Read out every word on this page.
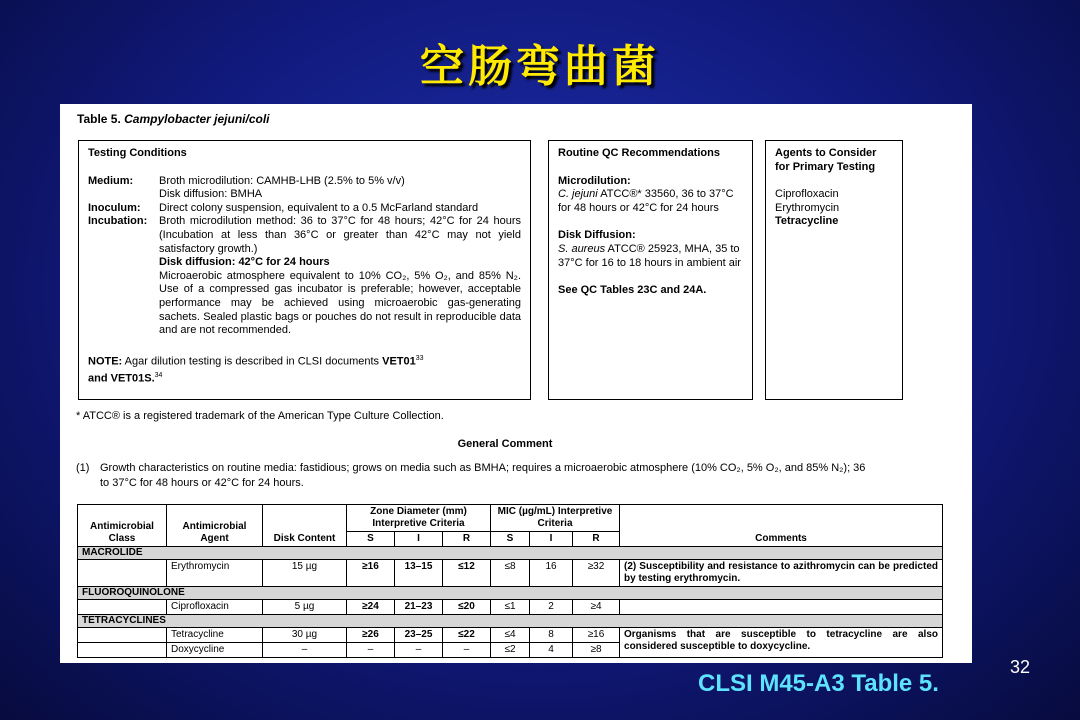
空肠弯曲菌
Table 5. Campylobacter jejuni/coli
Testing Conditions
Medium:	Broth microdilution: CAMHB-LHB (2.5% to 5% v/v)
Disk diffusion: BMHA
Inoculum:	Direct colony suspension, equivalent to a 0.5 McFarland standard
Incubation:	Broth microdilution method: 36 to 37°C for 48 hours; 42°C for 24 hours (Incubation at less than 36°C or greater than 42°C may not yield satisfactory growth.)
Disk diffusion: 42°C for 24 hours
Microaerobic atmosphere equivalent to 10% CO₂, 5% O₂, and 85% N₂. Use of a compressed gas incubator is preferable; however, acceptable performance may be achieved using microaerobic gas-generating sachets. Sealed plastic bags or pouches do not result in reproducible data and are not recommended.
NOTE: Agar dilution testing is described in CLSI documents $VET01^{33}$
and VET01S.$^{34}$
Routine QC Recommendations
Microdilution:
C. jejuni ATCC®* 33560, 36 to 37°C for 48 hours or 42°C for 24 hours
Disk Diffusion:
S. aureus ATCC® 25923, MHA, 35 to 37°C for 16 to 18 hours in ambient air
See QC Tables 23C and 24A.
Agents to Consider for Primary Testing
Ciprofloxacin
Erythromycin
Tetracycline
* ATCC® is a registered trademark of the American Type Culture Collection.
General Comment
(1) Growth characteristics on routine media: fastidious; grows on media such as BMHA; requires a microaerobic atmosphere (10% CO₂, 5% O₂, and 85% N₂); 36
to 37°C for 48 hours or 42°C for 24 hours.
Antimicrobial Class	Antimicrobial Agent	Disk Content	Zone Diameter (mm) Interpretive Criteria			MIC (µg/mL) Interpretive Criteria			Comments
			S	I	R	S	I	R	
MACROLIDE									
	Erythromycin	15 µg	≥16	13–15	≤12	≤8	16	≥32	(2) Susceptibility and resistance to azithromycin can be predicted by testing erythromycin.
FLUOROQUINOLONE									
	Ciprofloxacin	5 µg	≥24	21–23	≤20	≤1	2	≥4	
TETRACYCLINES									
	Tetracycline	30 µg	≥26	23–25	≤22	≤4	8	≥16	Organisms that are susceptible to tetracycline are also considered susceptible to doxycycline.
	Doxycycline	–	–	–	–	≤2	4	≥8	
32
CLSI M45-A3 Table 5.
